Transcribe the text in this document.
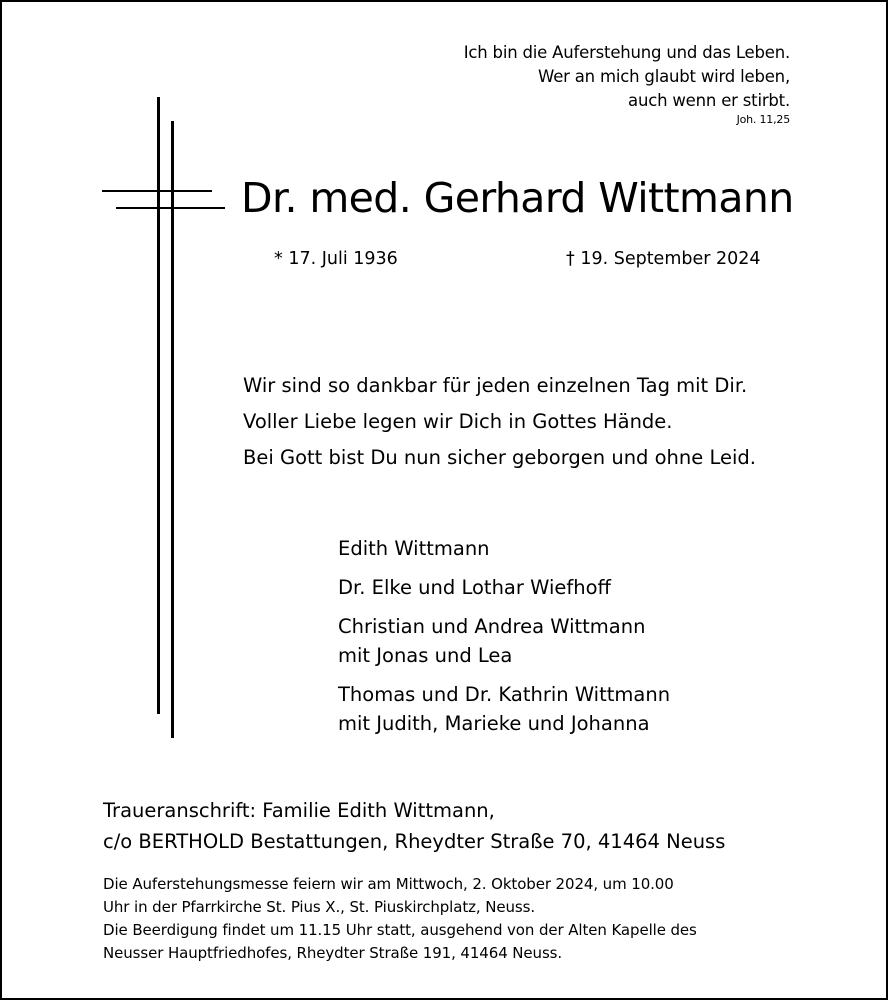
Ich bin die Auferstehung und das Leben.
Wer an mich glaubt wird leben,
auch wenn er stirbt.
Joh. 11,25
Dr. med. Gerhard Wittmann
* 17. Juli 1936	† 19. September 2024
Wir sind so dankbar für jeden einzelnen Tag mit Dir.
Voller Liebe legen wir Dich in Gottes Hände.
Bei Gott bist Du nun sicher geborgen und ohne Leid.
Edith Wittmann
Dr. Elke und Lothar Wiefhoff
Christian und Andrea Wittmann
mit Jonas und Lea
Thomas und Dr. Kathrin Wittmann
mit Judith, Marieke und Johanna
Traueranschrift: Familie Edith Wittmann,
c/o BERTHOLD Bestattungen, Rheydter Straße 70, 41464 Neuss
Die Auferstehungsmesse feiern wir am Mittwoch, 2. Oktober 2024, um 10.00
Uhr in der Pfarrkirche St. Pius X., St. Piuskirchplatz, Neuss.
Die Beerdigung findet um 11.15 Uhr statt, ausgehend von der Alten Kapelle des
Neusser Hauptfriedhofes, Rheydter Straße 191, 41464 Neuss.
